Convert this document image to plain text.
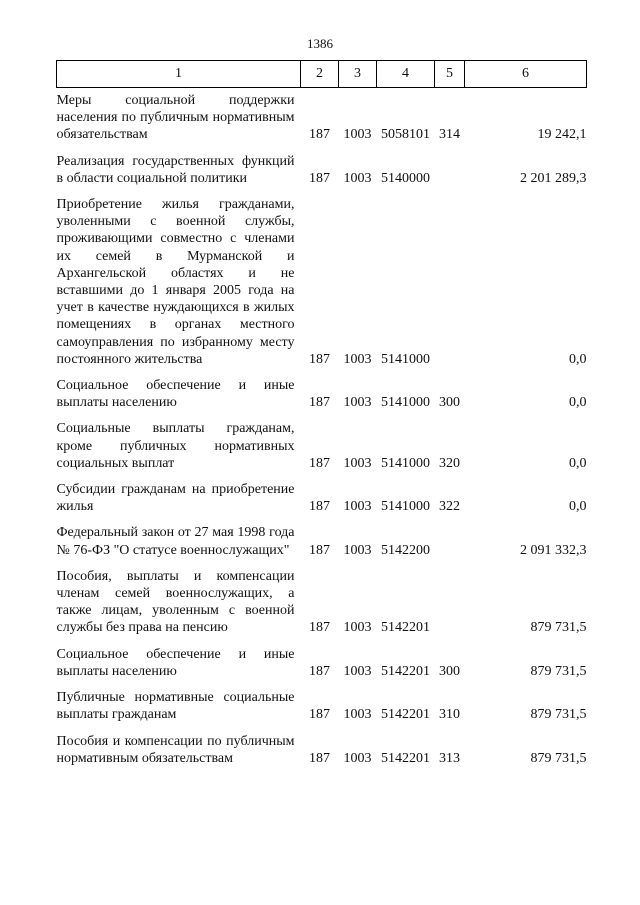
1386
1	2	3	4	5	6
Меры социальной поддержки населения по публичным нормативным обязательствам	187	1003	5058101	314	19 242,1
Реализация государственных функций в области социальной политики	187	1003	5140000		2 201 289,3
Приобретение жилья гражданами, уволенными с военной службы, проживающими совместно с членами их семей в Мурманской и Архангельской областях и не вставшими до 1 января 2005 года на учет в качестве нуждающихся в жилых помещениях в органах местного самоуправления по избранному месту постоянного жительства	187	1003	5141000		0,0
Социальное обеспечение и иные выплаты населению	187	1003	5141000	300	0,0
Социальные выплаты гражданам, кроме публичных нормативных социальных выплат	187	1003	5141000	320	0,0
Субсидии гражданам на приобретение жилья	187	1003	5141000	322	0,0
Федеральный закон от 27 мая 1998 года № 76-ФЗ "О статусе военнослужащих"	187	1003	5142200		2 091 332,3
Пособия, выплаты и компенсации членам семей военнослужащих, а также лицам, уволенным с военной службы без права на пенсию	187	1003	5142201		879 731,5
Социальное обеспечение и иные выплаты населению	187	1003	5142201	300	879 731,5
Публичные нормативные социальные выплаты гражданам	187	1003	5142201	310	879 731,5
Пособия и компенсации по публичным нормативным обязательствам	187	1003	5142201	313	879 731,5
